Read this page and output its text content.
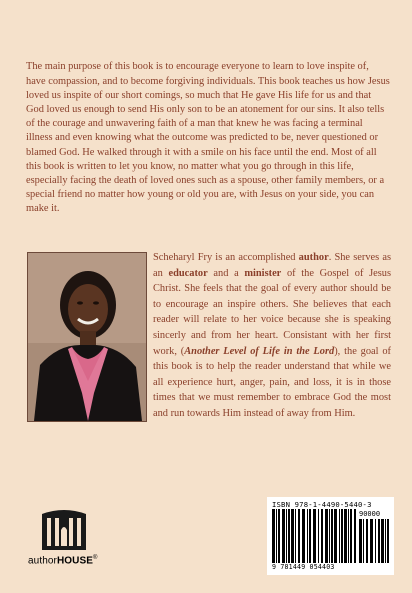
The main purpose of this book is to encourage everyone to learn to love inspite of, have compassion, and to become forgiving individuals. This book teaches us how Jesus loved us inspite of our short comings, so much that He gave His life for us and that God loved us enough to send His only son to be an atonement for our sins. It also tells of the courage and unwavering faith of a man that knew he was facing a terminal illness and even knowing what the outcome was predicted to be, never questioned or blamed God. He walked through it with a smile on his face until the end. Most of all this book is written to let you know, no matter what you go through in this life, especially facing the death of loved ones such as a spouse, other family members, or a special friend no matter how young or old you are, with Jesus on your side, you can make it.

Scheharyl Fry is an accomplished author. She serves as an educator and a minister of the Gospel of Jesus Christ. She feels that the goal of every author should be to encourage an inspire others. She believes that each reader will relate to her voice because she is speaking sincerly and from her heart. Consistant with her first work, (Another Level of Life in the Lord), the goal of this book is to help the reader understand that while we all experience hurt, anger, pain, and loss, it is in those times that we must remember to embrace God the most and run towards Him instead of away from Him.
authorHOUSE®
ISBN 978-1-4490-5440-3
90000
9 781449 054403
